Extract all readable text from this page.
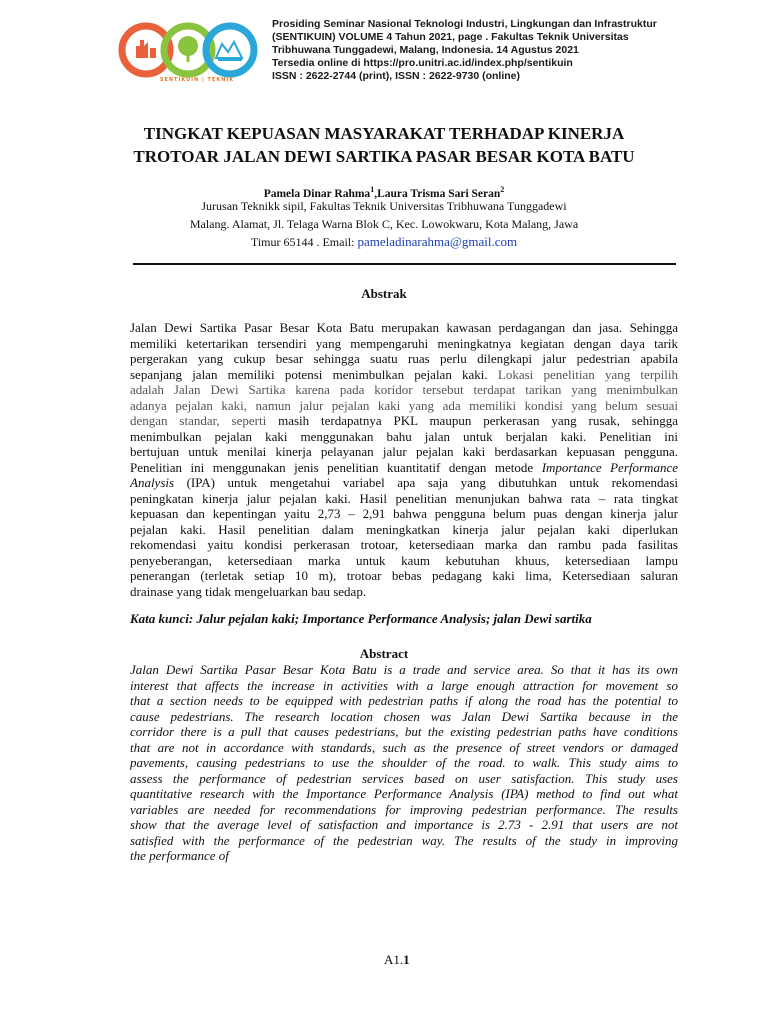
SENTIKUIN | TEKNIK
Prosiding Seminar Nasional Teknologi Industri, Lingkungan dan Infrastruktur
(SENTIKUIN) VOLUME 4 Tahun 2021, page . Fakultas Teknik Universitas
Tribhuwana Tunggadewi, Malang, Indonesia. 14 Agustus 2021
Tersedia online di https://pro.unitri.ac.id/index.php/sentikuin
ISSN : 2622-2744 (print), ISSN : 2622-9730 (online)
TINGKAT KEPUASAN MASYARAKAT TERHADAP KINERJA
TROTOAR JALAN DEWI SARTIKA PASAR BESAR KOTA BATU
Pamela Dinar Rahma$^1$,Laura Trisma Sari Seran$^2$
Jurusan Teknikk sipil, Fakultas Teknik Universitas Tribhuwana Tunggadewi
Malang. Alamat, Jl. Telaga Warna Blok C, Kec. Lowokwaru, Kota Malang, Jawa
Timur 65144 . Email: pameladinarahma@gmail.com
Abstrak
Jalan Dewi Sartika Pasar Besar Kota Batu merupakan kawasan perdagangan dan jasa. Sehingga
memiliki ketertarikan tersendiri yang mempengaruhi meningkatnya kegiatan dengan daya tarik
pergerakan yang cukup besar sehingga suatu ruas perlu dilengkapi jalur pedestrian apabila
sepanjang jalan memiliki potensi menimbulkan pejalan kaki. Lokasi penelitian yang terpilih
adalah Jalan Dewi Sartika karena pada koridor tersebut terdapat tarikan yang menimbulkan
adanya pejalan kaki, namun jalur pejalan kaki yang ada memiliki kondisi yang belum sesuai
dengan standar, seperti masih terdapatnya PKL maupun perkerasan yang rusak, sehingga
menimbulkan pejalan kaki menggunakan bahu jalan untuk berjalan kaki. Penelitian ini
bertujuan untuk menilai kinerja pelayanan jalur pejalan kaki berdasarkan kepuasan pengguna.
Penelitian ini menggunakan jenis penelitian kuantitatif dengan metode Importance Performance
Analysis (IPA) untuk mengetahui variabel apa saja yang dibutuhkan untuk rekomendasi
peningkatan kinerja jalur pejalan kaki. Hasil penelitian menunjukan bahwa rata – rata tingkat
kepuasan dan kepentingan yaitu 2,73 – 2,91 bahwa pengguna belum puas dengan kinerja jalur
pejalan kaki. Hasil penelitian dalam meningkatkan kinerja jalur pejalan kaki diperlukan
rekomendasi yaitu kondisi perkerasan trotoar, ketersediaan marka dan rambu pada fasilitas
penyeberangan, ketersediaan marka untuk kaum kebutuhan khuus, ketersediaan lampu
penerangan (terletak setiap 10 m), trotoar bebas pedagang kaki lima, Ketersediaan saluran
drainase yang tidak mengeluarkan bau sedap.
Kata kunci: Jalur pejalan kaki; Importance Performance Analysis; jalan Dewi sartika
Abstract
Jalan Dewi Sartika Pasar Besar Kota Batu is a trade and service area. So that it has its own
interest that affects the increase in activities with a large enough attraction for movement so
that a section needs to be equipped with pedestrian paths if along the road has the potential to
cause pedestrians. The research location chosen was Jalan Dewi Sartika because in the
corridor there is a pull that causes pedestrians, but the existing pedestrian paths have conditions
that are not in accordance with standards, such as the presence of street vendors or damaged
pavements, causing pedestrians to use the shoulder of the road. to walk. This study aims to
assess the performance of pedestrian services based on user satisfaction. This study uses
quantitative research with the Importance Performance Analysis (IPA) method to find out what
variables are needed for recommendations for improving pedestrian performance. The results
show that the average level of satisfaction and importance is 2.73 - 2.91 that users are not
satisfied with the performance of the pedestrian way. The results of the study in improving
the performance of
A1.1
